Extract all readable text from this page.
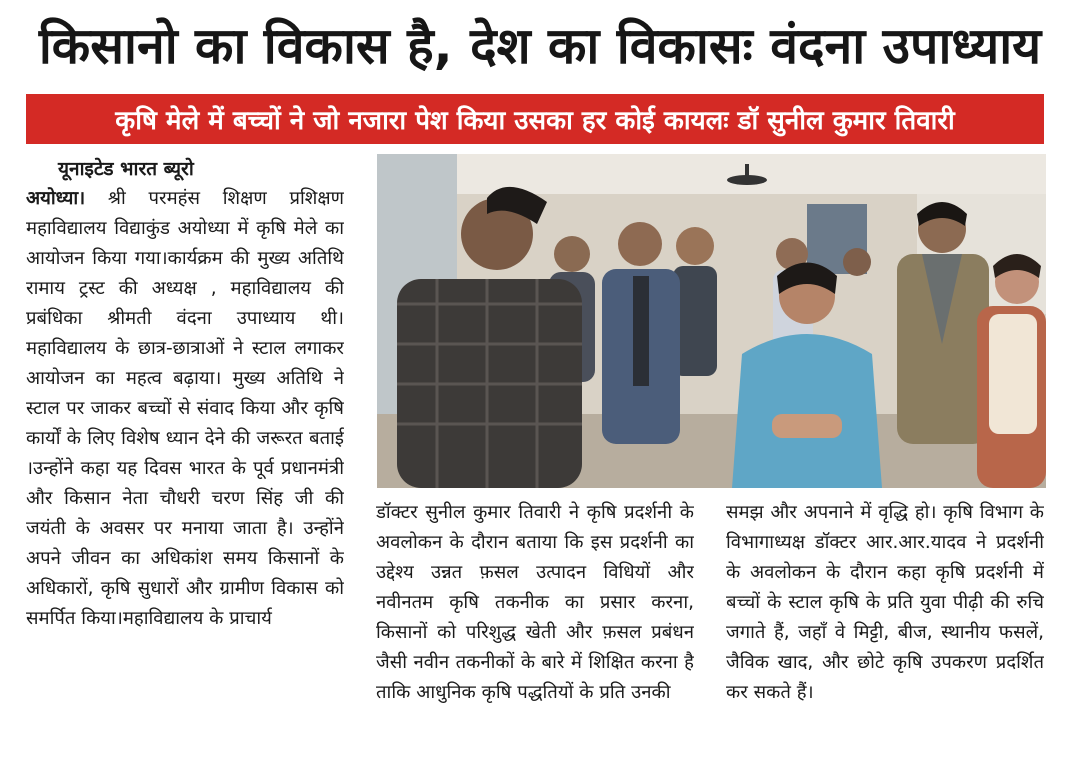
किसानो का विकास है, देश का विकासः वंदना उपाध्याय
कृषि मेले में बच्चों ने जो नजारा पेश किया उसका हर कोई कायलः डॉ सुनील कुमार तिवारी
यूनाइटेड भारत ब्यूरो
अयोध्या। श्री परमहंस शिक्षण प्रशिक्षण महाविद्यालय विद्याकुंड अयोध्या में कृषि मेले का आयोजन किया गया।कार्यक्रम की मुख्य अतिथि रामाय ट्रस्ट की अध्यक्ष , महाविद्यालय की प्रबंधिका श्रीमती वंदना उपाध्याय थी। महाविद्यालय के छात्र-छात्राओं ने स्टाल लगाकर आयोजन का महत्व बढ़ाया। मुख्य अतिथि ने स्टाल पर जाकर बच्चों से संवाद किया और कृषि कार्यों के लिए विशेष ध्यान देने की जरूरत बताई ।उन्होंने कहा यह दिवस भारत के पूर्व प्रधानमंत्री और किसान नेता चौधरी चरण सिंह जी की जयंती के अवसर पर मनाया जाता है। उन्होंने अपने जीवन का अधिकांश समय किसानों के अधिकारों, कृषि सुधारों और ग्रामीण विकास को समर्पित किया।महाविद्यालय के प्राचार्य
डॉक्टर सुनील कुमार तिवारी ने कृषि प्रदर्शनी के अवलोकन के दौरान बताया कि इस प्रदर्शनी का उद्देश्य उन्नत फ़सल उत्पादन विधियों और नवीनतम कृषि तकनीक का प्रसार करना, किसानों को परिशुद्ध खेती और फ़सल प्रबंधन जैसी नवीन तकनीकों के बारे में शिक्षित करना है ताकि आधुनिक कृषि पद्धतियों के प्रति उनकी
समझ और अपनाने में वृद्धि हो। कृषि विभाग के विभागाध्यक्ष डॉक्टर आर.आर.यादव ने प्रदर्शनी के अवलोकन के दौरान कहा कृषि प्रदर्शनी में बच्चों के स्टाल कृषि के प्रति युवा पीढ़ी की रुचि जगाते हैं, जहाँ वे मिट्टी, बीज, स्थानीय फसलें, जैविक खाद, और छोटे कृषि उपकरण प्रदर्शित कर सकते हैं।
